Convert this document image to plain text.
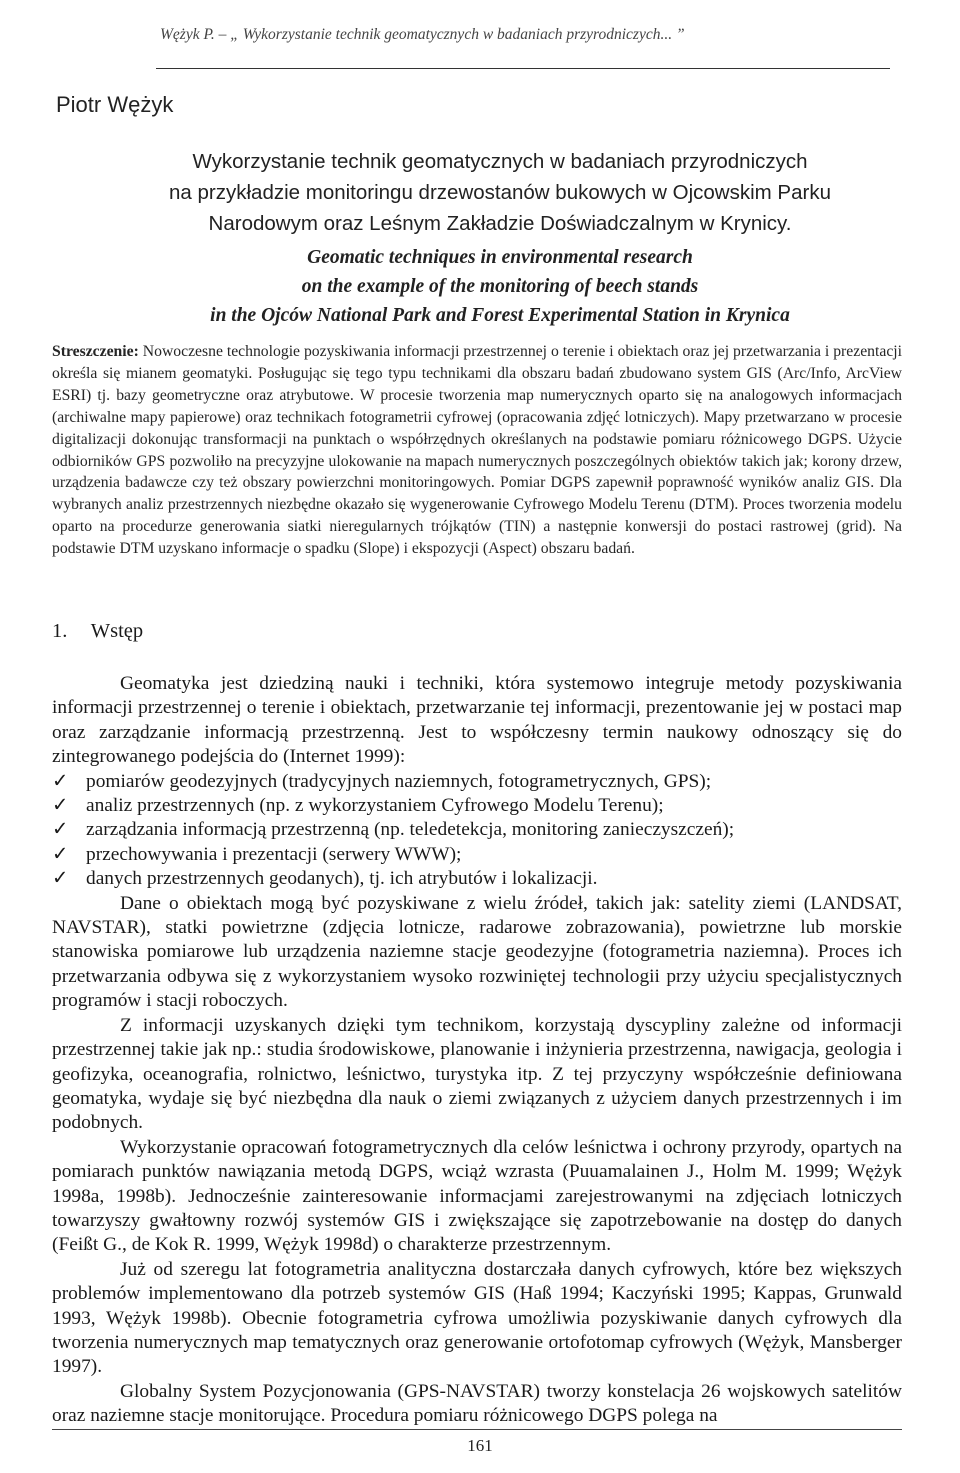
Wężyk P. – „ Wykorzystanie technik geomatycznych w badaniach przyrodniczych... ”
Piotr Wężyk
Wykorzystanie technik geomatycznych w badaniach przyrodniczych
na przykładzie monitoringu drzewostanów bukowych w Ojcowskim Parku
Narodowym oraz Leśnym Zakładzie Doświadczalnym w Krynicy.
Geomatic techniques in environmental research
on the example of the monitoring of beech stands
in the Ojców National Park and Forest Experimental Station in Krynica
Streszczenie: Nowoczesne technologie pozyskiwania informacji przestrzennej o terenie i obiektach oraz jej przetwarzania i prezentacji określa się mianem geomatyki. Posługując się tego typu technikami dla obszaru badań zbudowano system GIS (Arc/Info, ArcView ESRI) tj. bazy geometryczne oraz atrybutowe. W procesie tworzenia map numerycznych oparto się na analogowych informacjach (archiwalne mapy papierowe) oraz technikach fotogrametrii cyfrowej (opracowania zdjęć lotniczych). Mapy przetwarzano w procesie digitalizacji dokonując transformacji na punktach o współrzędnych określanych na podstawie pomiaru różnicowego DGPS. Użycie odbiorników GPS pozwoliło na precyzyjne ulokowanie na mapach numerycznych poszczególnych obiektów takich jak; korony drzew, urządzenia badawcze czy też obszary powierzchni monitoringowych. Pomiar DGPS zapewnił poprawność wyników analiz GIS. Dla wybranych analiz przestrzennych niezbędne okazało się wygenerowanie Cyfrowego Modelu Terenu (DTM). Proces tworzenia modelu oparto na procedurze generowania siatki nieregularnych trójkątów (TIN) a następnie konwersji do postaci rastrowej (grid). Na podstawie DTM uzyskano informacje o spadku (Slope) i ekspozycji (Aspect) obszaru badań.
1. Wstęp

Geomatyka jest dziedziną nauki i techniki, która systemowo integruje metody pozyskiwania informacji przestrzennej o terenie i obiektach, przetwarzanie tej informacji, prezentowanie jej w postaci map oraz zarządzanie informacją przestrzenną. Jest to współczesny termin naukowy odnoszący się do zintegrowanego podejścia do (Internet 1999):

✓ pomiarów geodezyjnych (tradycyjnych naziemnych, fotogrametrycznych, GPS);
✓ analiz przestrzennych (np. z wykorzystaniem Cyfrowego Modelu Terenu);
✓ zarządzania informacją przestrzenną (np. teledetekcja, monitoring zanieczyszczeń);
✓ przechowywania i prezentacji (serwery WWW);
✓ danych przestrzennych geodanych), tj. ich atrybutów i lokalizacji.

Dane o obiektach mogą być pozyskiwane z wielu źródeł, takich jak: satelity ziemi (LANDSAT, NAVSTAR), statki powietrzne (zdjęcia lotnicze, radarowe zobrazowania), powietrzne lub morskie stanowiska pomiarowe lub urządzenia naziemne stacje geodezyjne (fotogrametria naziemna). Proces ich przetwarzania odbywa się z wykorzystaniem wysoko rozwiniętej technologii przy użyciu specjalistycznych programów i stacji roboczych.

Z informacji uzyskanych dzięki tym technikom, korzystają dyscypliny zależne od informacji przestrzennej takie jak np.: studia środowiskowe, planowanie i inżynieria przestrzenna, nawigacja, geologia i geofizyka, oceanografia, rolnictwo, leśnictwo, turystyka itp. Z tej przyczyny współcześnie definiowana geomatyka, wydaje się być niezbędna dla nauk o ziemi związanych z użyciem danych przestrzennych i im podobnych.

Wykorzystanie opracowań fotogrametrycznych dla celów leśnictwa i ochrony przyrody, opartych na pomiarach punktów nawiązania metodą DGPS, wciąż wzrasta (Puuamalainen J., Holm M. 1999; Wężyk 1998a, 1998b). Jednocześnie zainteresowanie informacjami zarejestrowanymi na zdjęciach lotniczych towarzyszy gwałtowny rozwój systemów GIS i zwiększające się zapotrzebowanie na dostęp do danych (Feißt G., de Kok R. 1999, Wężyk 1998d) o charakterze przestrzennym.

Już od szeregu lat fotogrametria analityczna dostarczała danych cyfrowych, które bez większych problemów implementowano dla potrzeb systemów GIS (Haß 1994; Kaczyński 1995; Kappas, Grunwald 1993, Wężyk 1998b). Obecnie fotogrametria cyfrowa umożliwia pozyskiwanie danych cyfrowych dla tworzenia numerycznych map tematycznych oraz generowanie ortofotomap cyfrowych (Wężyk, Mansberger 1997).

Globalny System Pozycjonowania (GPS-NAVSTAR) tworzy konstelacja 26 wojskowych satelitów oraz naziemne stacje monitorujące. Procedura pomiaru różnicowego DGPS polega na

161
